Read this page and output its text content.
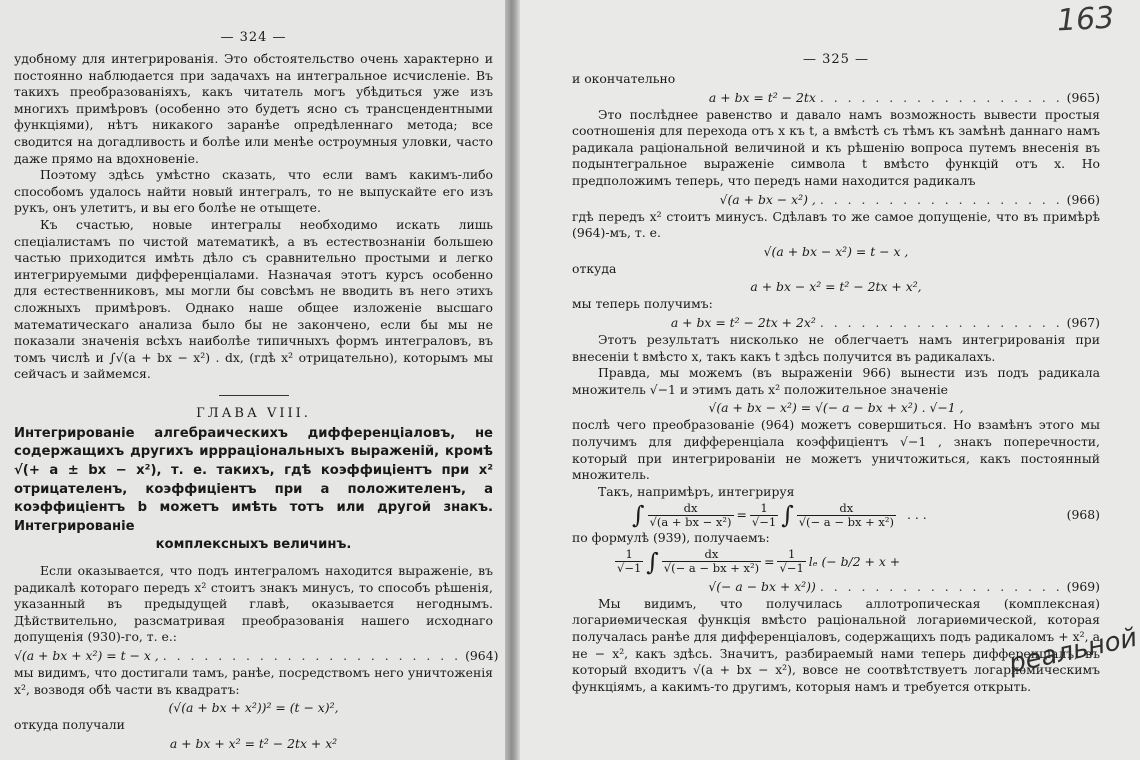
— 324 —

удобному для интегрированія. Это обстоятельство очень характерно и постоянно наблюдается при задачахъ на интегральное исчисленіе. Въ такихъ преобразованіяхъ, какъ читатель могъ убѣдиться уже изъ многихъ примѣровъ (особенно это будетъ ясно съ трансцендентными функціями), нѣтъ никакого заранѣе опредѣленнаго метода; все сводится на догадливость и болѣе или менѣе остроумныя уловки, часто даже прямо на вдохновеніе.

Поэтому здѣсь умѣстно сказать, что если вамъ какимъ-либо способомъ удалось найти новый интегралъ, то не выпускайте его изъ рукъ, онъ улетитъ, и вы его болѣе не отыщете.

Къ счастью, новые интегралы необходимо искать лишь спеціалистамъ по чистой математикѣ, а въ естествознаніи большею частью приходится имѣть дѣло съ сравнительно простыми и легко интегрируемыми дифференціалами. Назначая этотъ курсъ особенно для естественниковъ, мы могли бы совсѣмъ не вводить въ него этихъ сложныхъ примѣровъ. Однако наше общее изложеніе высшаго математическаго анализа было бы не закончено, если бы мы не показали значенія всѣхъ наиболѣе типичныхъ формъ интеграловъ, въ томъ числѣ и ∫√(a + bx − x²) . dx, (гдѣ x² отрицательно), которымъ мы сейчасъ и займемся.

ГЛАВА VIII.
Интегрированіе алгебраическихъ дифференціаловъ, не содержащихъ другихъ иррраціональныхъ выраженій, кромѣ √(+ a ± bx − x²), т. е. такихъ, гдѣ коэффиціентъ при x² отрицателенъ, коэффиціентъ при a положителенъ, а коэффиціентъ b можетъ имѣть тотъ или другой знакъ. Интегрированіе
комплексныхъ величинъ.

Если оказывается, что подъ интеграломъ находится выраженіе, въ радикалѣ котораго передъ x² стоитъ знакъ минусъ, то способъ рѣшенія, указанный въ предыдущей главѣ, оказывается негоднымъ. Дѣйствительно, разсматривая преобразованія нашего исходнаго допущенія (930)-го, т. е.:

√(a + bx + x²) = t − x , . . . . . . . . . . . . . . . . . . . . . . (964)

мы видимъ, что достигали тамъ, ранѣе, посредствомъ него уничтоженія x², возводя обѣ части въ квадратъ:

(√(a + bx + x²))² = (t − x)²,

откуда получали

a + bx + x² = t² − 2tx + x²
163
— 325 —

и окончательно

a + bx = t² − 2tx . . . . . . . . . . . . . . . . . . (965)

Это послѣднее равенство и давало намъ возможность вывести простыя соотношенія для перехода отъ x къ t, а вмѣстѣ съ тѣмъ къ замѣнѣ даннаго намъ радикала раціональной величиной и къ рѣшенію вопроса путемъ внесенія въ подынтегральное выраженіе символа t вмѣсто функцій отъ x. Но предположимъ теперь, что передъ нами находится радикалъ

√(a + bx − x²) , . . . . . . . . . . . . . . . . . . (966)

гдѣ передъ x² стоитъ минусъ. Сдѣлавъ то же самое допущеніе, что въ примѣрѣ (964)-мъ, т. е.

√(a + bx − x²) = t − x ,

откуда

a + bx − x² = t² − 2tx + x²,

мы теперь получимъ:

a + bx = t² − 2tx + 2x² . . . . . . . . . . . . . . . . . . (967)

Этотъ результатъ нисколько не облегчаетъ намъ интегрированія при внесеніи t вмѣсто x, такъ какъ t здѣсь получится въ радикалахъ.

Правда, мы можемъ (въ выраженіи 966) вынести изъ подъ радикала множитель √−1 и этимъ дать x² положительное значеніе

√(a + bx − x²) = √(− a − bx + x²) . √−1 ,

послѣ чего преобразованіе (964) можетъ совершиться. Но взамѣнъ этого мы получимъ для дифференціала коэффиціентъ √−1 , знакъ поперечности, который при интегрированіи не можетъ уничтожиться, какъ постоянный множитель.

Такъ, напримѣръ, интегрируя

∫ $\frac{dx}{\text{√(a + bx − x²)}} = \frac{1}{√-1}$ ∫ $\frac{dx}{\text{√(− a − bx + x²)}}$ . . .	(968)

по формулѣ (939), получаемъ:

$\frac{1}{√-1}$ ∫ $\frac{dx}{\text{√(− a − bx + x²)}} = \frac{1}{√-1}$ lₑ (− b/2 + x +
√(− a − bx + x²)) . . . . . . . . . . . . . . . . . . (969)

Мы видимъ, что получилась аллотропическая (комплексная) логариѳмическая функція вмѣсто раціональной логариѳмической, которая получалась ранѣе для дифференціаловъ, содержащихъ подъ радикаломъ + x², а не − x², какъ здѣсь. Значитъ, разбираемый нами теперь дифференціалъ, въ который входитъ √(a + bx − x²), вовсе не соотвѣтствуетъ логариѳмическимъ функціямъ, а какимъ-то другимъ, которыя намъ и требуется открыть.

реальной
